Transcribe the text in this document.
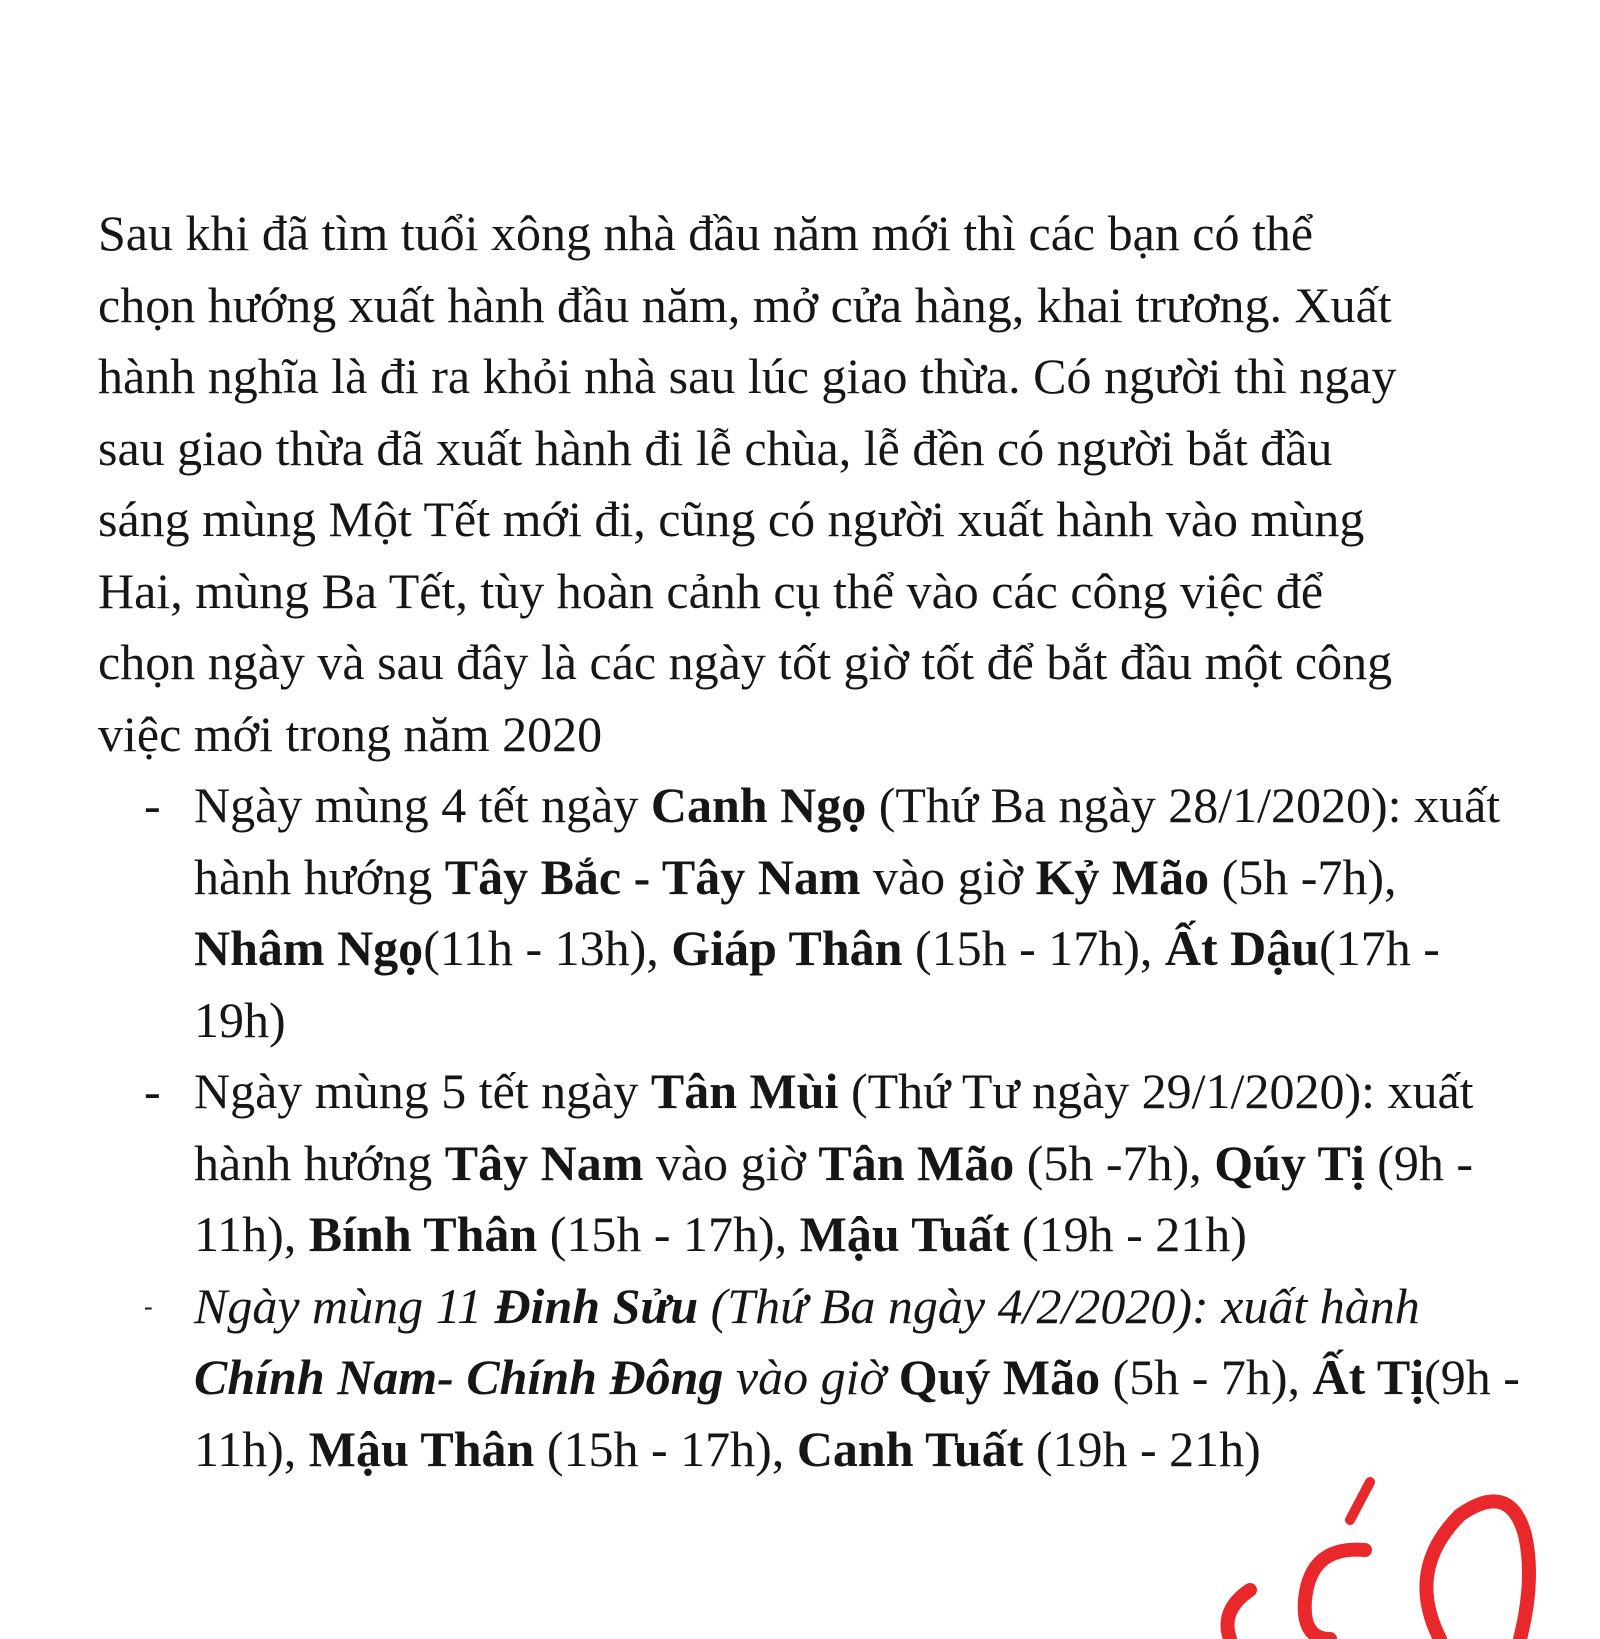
Sau khi đã tìm tuổi xông nhà đầu năm mới thì các bạn có thể
chọn hướng xuất hành đầu năm, mở cửa hàng, khai trương. Xuất
hành nghĩa là đi ra khỏi nhà sau lúc giao thừa. Có người thì ngay
sau giao thừa đã xuất hành đi lễ chùa, lễ đền có người bắt đầu
sáng mùng Một Tết mới đi, cũng có người xuất hành vào mùng
Hai, mùng Ba Tết, tùy hoàn cảnh cụ thể vào các công việc để
chọn ngày và sau đây là các ngày tốt giờ tốt để bắt đầu một công
việc mới trong năm 2020

- Ngày mùng 4 tết ngày Canh Ngọ (Thứ Ba ngày 28/1/2020): xuất hành hướng Tây Bắc - Tây Nam vào giờ Kỷ Mão (5h -7h), Nhâm Ngọ(11h - 13h), Giáp Thân (15h - 17h), Ất Dậu(17h - 19h)
- Ngày mùng 5 tết ngày Tân Mùi (Thứ Tư ngày 29/1/2020): xuất hành hướng Tây Nam vào giờ Tân Mão (5h -7h), Qúy Tị (9h - 11h), Bính Thân (15h - 17h), Mậu Tuất (19h - 21h)
- Ngày mùng 11 Đinh Sửu (Thứ Ba ngày 4/2/2020): xuất hành Chính Nam- Chính Đông vào giờ Quý Mão (5h - 7h), Ất Tị(9h - 11h), Mậu Thân (15h - 17h), Canh Tuất (19h - 21h)
